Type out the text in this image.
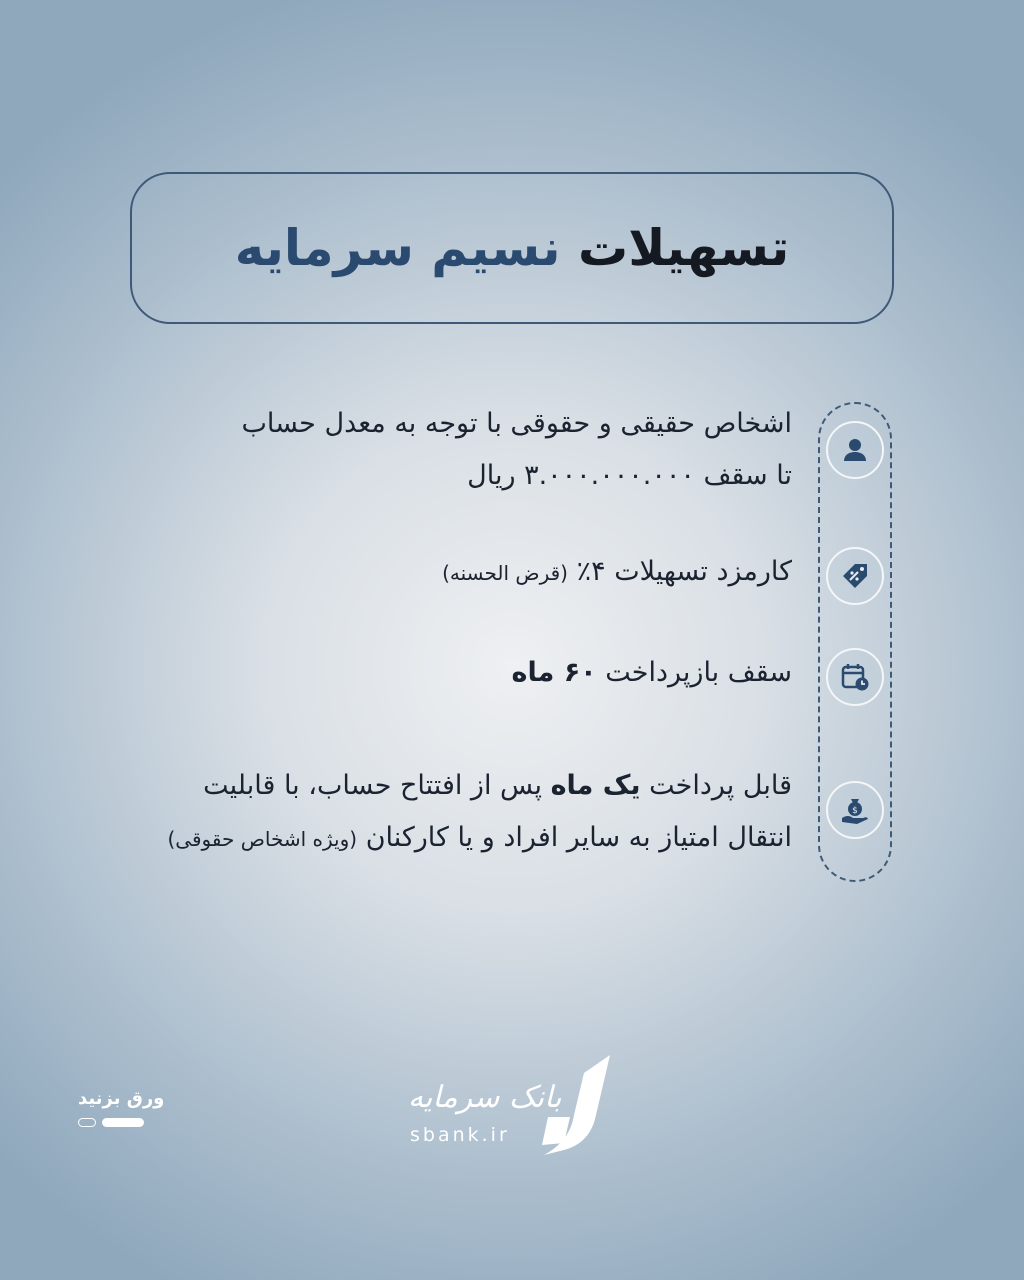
تسهیلات نسیم سرمایه
$
اشخاص حقیقی و حقوقی با توجه به معدل حساب
تا سقف ۳.۰۰۰.۰۰۰.۰۰۰ ریال
کارمزد تسهیلات ۴٪ (قرض الحسنه)
سقف بازپرداخت ۶۰ ماه
قابل پرداخت یک ماه پس از افتتاح حساب، با قابلیت
انتقال امتیاز به سایر افراد و یا کارکنان (ویژه اشخاص حقوقی)
بانک سرمایه
sbank.ir
ورق بزنید
